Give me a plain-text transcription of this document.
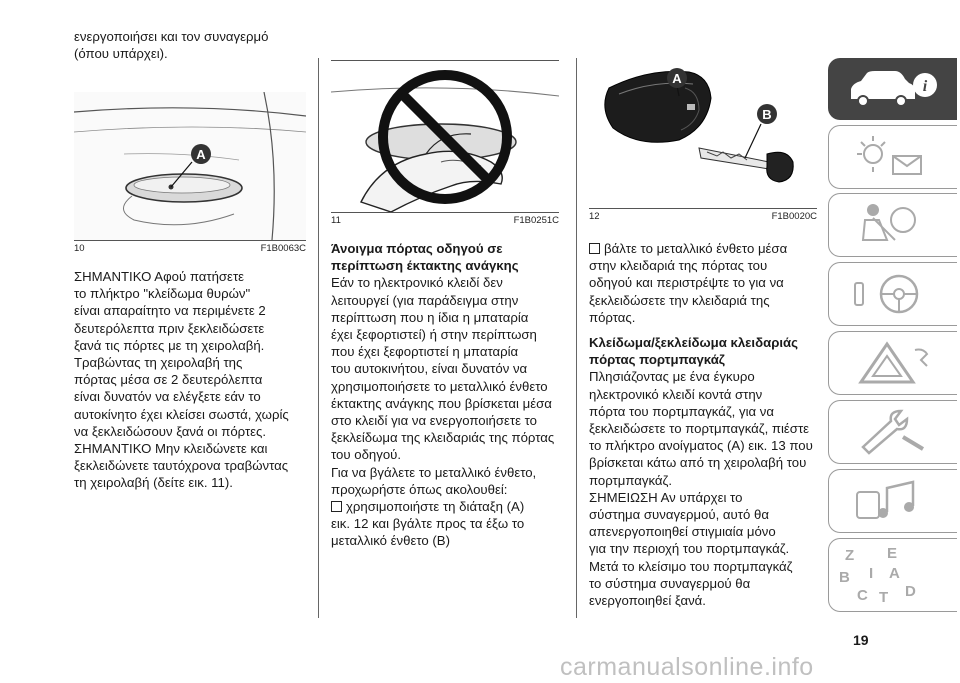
ενεργοποιήσει και τον συναγερμό

(όπου υπάρχει).

A
10	F1B0063C

ΣΗΜΑΝΤΙΚΟ Αφού πατήσετε

το πλήκτρο "κλείδωμα θυρών"

είναι απαραίτητο να περιμένετε 2

δευτερόλεπτα πριν ξεκλειδώσετε

ξανά τις πόρτες με τη χειρολαβή.

Τραβώντας τη χειρολαβή της

πόρτας μέσα σε 2 δευτερόλεπτα

είναι δυνατόν να ελέγξετε εάν το

αυτοκίνητο έχει κλείσει σωστά, χωρίς

να ξεκλειδώσουν ξανά οι πόρτες.

ΣΗΜΑΝΤΙΚΟ Μην κλειδώνετε και

ξεκλειδώνετε ταυτόχρονα τραβώντας

τη χειρολαβή (δείτε εικ. 11).

11	F1B0251C

Άνοιγμα πόρτας οδηγού σε

περίπτωση έκτακτης ανάγκης

Εάν το ηλεκτρονικό κλειδί δεν

λειτουργεί (για παράδειγμα στην

περίπτωση που η ίδια η μπαταρία

έχει ξεφορτιστεί) ή στην περίπτωση

που έχει ξεφορτιστεί η μπαταρία

του αυτοκινήτου, είναι δυνατόν να

χρησιμοποιήσετε το μεταλλικό ένθετο

έκτακτης ανάγκης που βρίσκεται μέσα

στο κλειδί για να ενεργοποιήσετε το

ξεκλείδωμα της κλειδαριάς της πόρτας

του οδηγού.

Για να βγάλετε το μεταλλικό ένθετο,

προχωρήστε όπως ακολουθεί:

χρησιμοποιήστε τη διάταξη (A)

εικ. 12 και βγάλτε προς τα έξω το

μεταλλικό ένθετο (B)

A
B
12	F1B0020C

βάλτε το μεταλλικό ένθετο μέσα

στην κλειδαριά της πόρτας του

οδηγού και περιστρέψτε το για να

ξεκλειδώσετε την κλειδαριά της

πόρτας.

Κλείδωμα/ξεκλείδωμα κλειδαριάς

πόρτας πορτμπαγκάζ

Πλησιάζοντας με ένα έγκυρο

ηλεκτρονικό κλειδί κοντά στην

πόρτα του πορτμπαγκάζ, για να

ξεκλειδώσετε το πορτμπαγκάζ, πιέστε

το πλήκτρο ανοίγματος (A) εικ. 13 που

βρίσκεται κάτω από τη χειρολαβή του

πορτμπαγκάζ.

ΣΗΜΕΙΩΣΗ Αν υπάρχει το

σύστημα συναγερμού, αυτό θα

απενεργοποιηθεί στιγμιαία μόνο

για την περιοχή του πορτμπαγκάζ.

Μετά το κλείσιμο του πορτμπαγκάζ

το σύστημα συναγερμού θα

ενεργοποιηθεί ξανά.

i
Z E
B	A
C D
T
I
19
carmanualsonline.info
